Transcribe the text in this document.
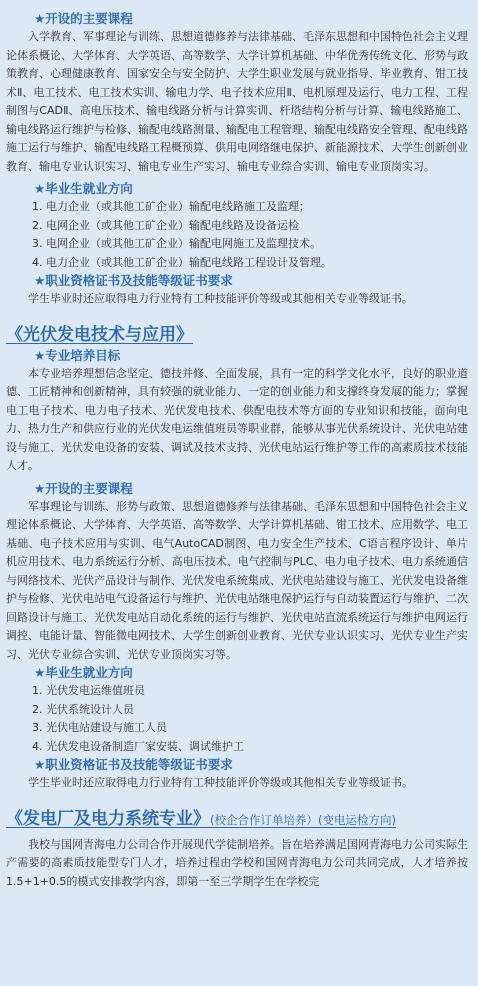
★开设的主要课程

入学教育、军事理论与训练、思想道德修养与法律基础、毛泽东思想和中国特色社会主义理论体系概论、大学体育、大学英语、高等数学、大学计算机基础、中华优秀传统文化、形势与政策教育、心理健康教育、国家安全与安全防护、大学生职业发展与就业指导、毕业教育、钳工技术Ⅱ、电工技术、电工技术实训、输电力学、电子技术应用Ⅱ、电机原理及运行、电力工程、工程制图与CADⅡ、高电压技术、输电线路分析与计算实训、杆塔结构分析与计算、输电线路施工、输电线路运行维护与检修、输配电线路测量、输配电工程管理、输配电线路安全管理、配电线路施工运行与维护、输配电线路工程概预算、供用电网络继电保护、新能源技术、大学生创新创业教育、输电专业认识实习、输电专业生产实习、输电专业综合实训、输电专业顶岗实习。

★毕业生就业方向

1. 电力企业（或其他工矿企业）输配电线路施工及监理；

2. 电网企业（或其他工矿企业）输配电线路及设备运检

3. 电网企业（或其他工矿企业）输配电网施工及监理技术。

4. 电力企业（或其他工矿企业）输配电线路工程设计及管理。

★职业资格证书及技能等级证书要求

学生毕业时还应取得电力行业特有工种技能评价等级或其他相关专业等级证书。

《光伏发电技术与应用》

★专业培养目标

本专业培养理想信念坚定、德技并修、全面发展，具有一定的科学文化水平，良好的职业道德、工匠精神和创新精神，具有较强的就业能力、一定的创业能力和支撑终身发展的能力；掌握电工电子技术、电力电子技术、光伏发电技术、供配电技术等方面的专业知识和技能，面向电力、热力生产和供应行业的光伏发电运维值班员等职业群，能够从事光伏系统设计、光伏电站建设与施工、光伏发电设备的安装、调试及技术支持、光伏电站运行维护等工作的高素质技术技能人才。

★开设的主要课程

军事理论与训练、形势与政策、思想道德修养与法律基础、毛泽东思想和中国特色社会主义理论体系概论、大学体育、大学英语、高等数学、大学计算机基础、钳工技术、应用数学、电工基础、电子技术应用与实训、电气AutoCAD制图、电力安全生产技术、C语言程序设计、单片机应用技术、电力系统运行分析、高电压技术、电气控制与PLC、电力电子技术、电力系统通信与网络技术、光伏产品设计与制作、光伏发电系统集成、光伏电站建设与施工、光伏发电设备维护与检修、光伏电站电气设备运行与维护、光伏电站继电保护运行与自动装置运行与维护、二次回路设计与施工、光伏发电站自动化系统的运行与维护、光伏电站直流系统运行与维护电网运行调控、电能计量、智能微电网技术、大学生创新创业教育、光伏专业认识实习、光伏专业生产实习、光伏专业综合实训、光伏专业顶岗实习等。

★毕业生就业方向

1. 光伏发电运维值班员

2. 光伏系统设计人员

3. 光伏电站建设与施工人员

4. 光伏发电设备制造厂家安装、调试维护工

★职业资格证书及技能等级证书要求

学生毕业时还应取得电力行业特有工种技能评价等级或其他相关专业等级证书。

《发电厂及电力系统专业》(校企合作订单培养）(变电运检方向)

我校与国网青海电力公司合作开展现代学徒制培养。旨在培养满足国网青海电力公司实际生产需要的高素质技能型专门人才，培养过程由学校和国网青海电力公司共同完成，人才培养按1.5+1+0.5的模式安排教学内容，即第一至三学期学生在学校完
